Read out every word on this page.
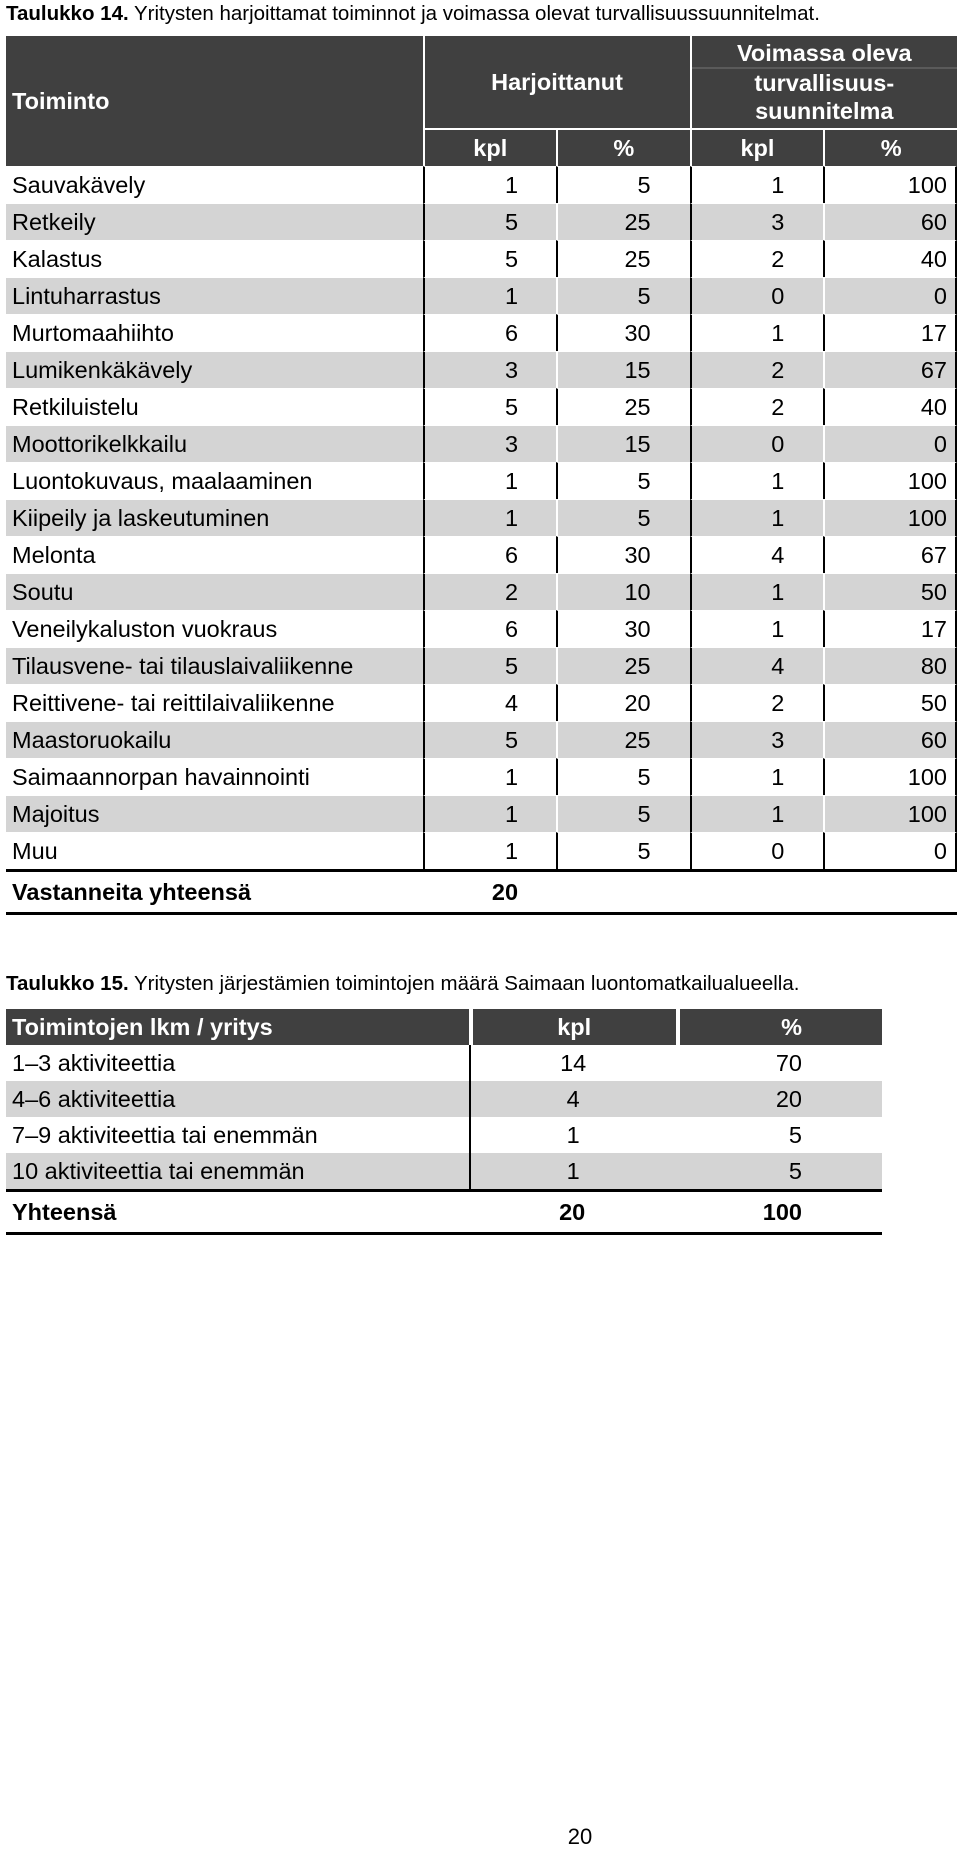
Taulukko 14. Yritysten harjoittamat toiminnot ja voimassa olevat turvallisuussuunnitelmat.
Toiminto	Harjoittanut		Voimassa oleva
turvallisuus-
suunnitelma	

	kpl	%	kpl	%
Sauvakävely	1	5	1	100
Retkeily	5	25	3	60
Kalastus	5	25	2	40
Lintuharrastus	1	5	0	0
Murtomaahiihto	6	30	1	17
Lumikenkäkävely	3	15	2	67
Retkiluistelu	5	25	2	40
Moottorikelkkailu	3	15	0	0
Luontokuvaus, maalaaminen	1	5	1	100
Kiipeily ja laskeutuminen	1	5	1	100
Melonta	6	30	4	67
Soutu	2	10	1	50
Veneilykaluston vuokraus	6	30	1	17
Tilausvene- tai tilauslaivaliikenne	5	25	4	80
Reittivene- tai reittilaivaliikenne	4	20	2	50
Maastoruokailu	5	25	3	60
Saimaannorpan havainnointi	1	5	1	100
Majoitus	1	5	1	100
Muu	1	5	0	0
Vastanneita yhteensä	20			
Taulukko 15. Yritysten järjestämien toimintojen määrä Saimaan luontomatkailualueella.
Toimintojen lkm / yritys	kpl	%
1–3 aktiviteettia	14	70
4–6 aktiviteettia	4	20
7–9 aktiviteettia tai enemmän	1	5
10 aktiviteettia tai enemmän	1	5
Yhteensä	20	100
20
